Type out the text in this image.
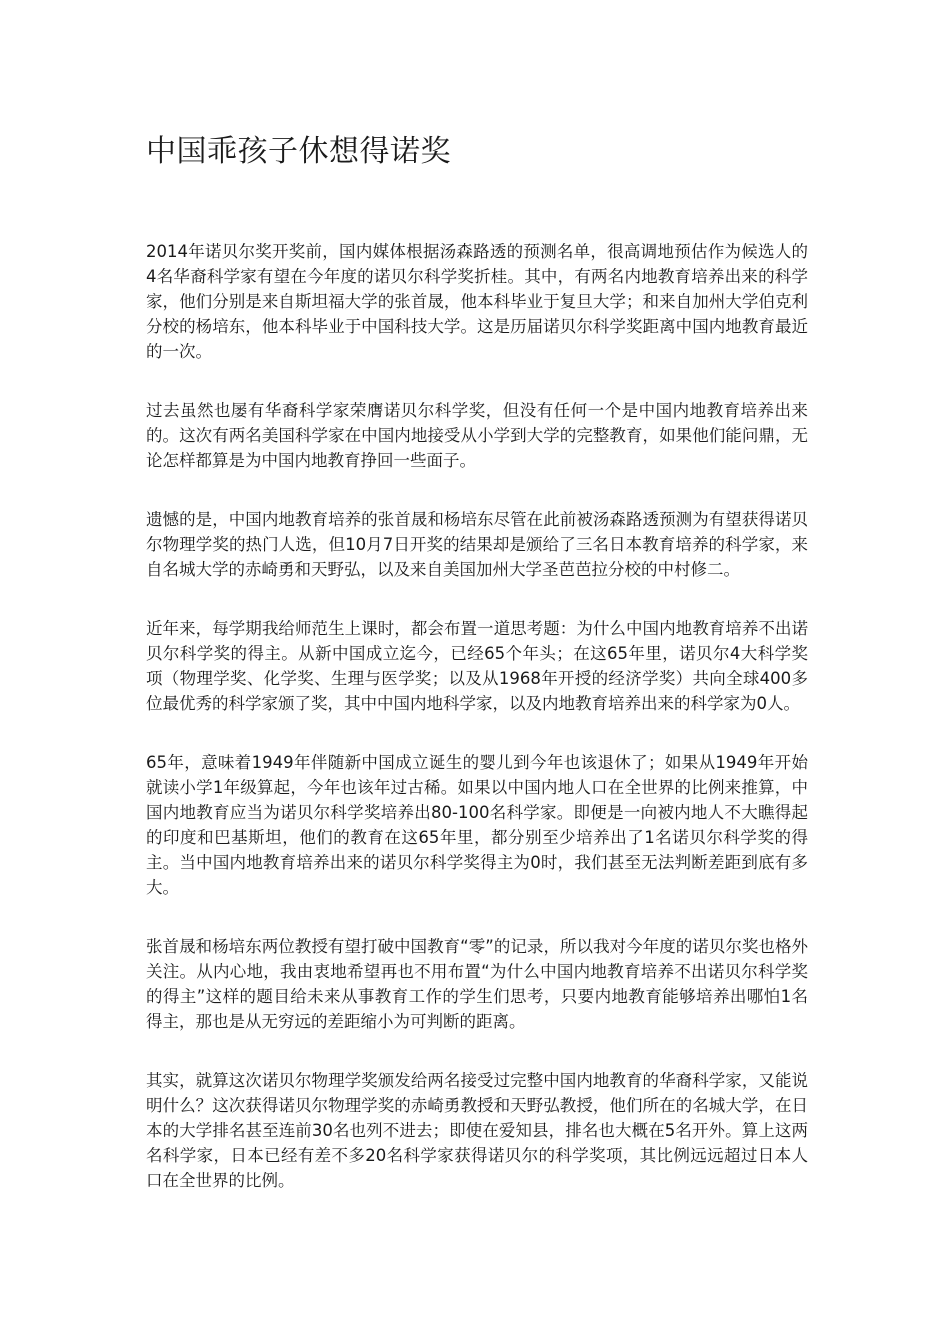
中国乖孩子休想得诺奖

2014年诺贝尔奖开奖前，国内媒体根据汤森路透的预测名单，很高调地预估作为候选人的4名华裔科学家有望在今年度的诺贝尔科学奖折桂。其中，有两名内地教育培养出来的科学家，他们分别是来自斯坦福大学的张首晟，他本科毕业于复旦大学；和来自加州大学伯克利分校的杨培东，他本科毕业于中国科技大学。这是历届诺贝尔科学奖距离中国内地教育最近的一次。

过去虽然也屡有华裔科学家荣膺诺贝尔科学奖，但没有任何一个是中国内地教育培养出来的。这次有两名美国科学家在中国内地接受从小学到大学的完整教育，如果他们能问鼎，无论怎样都算是为中国内地教育挣回一些面子。

遗憾的是，中国内地教育培养的张首晟和杨培东尽管在此前被汤森路透预测为有望获得诺贝尔物理学奖的热门人选，但10月7日开奖的结果却是颁给了三名日本教育培养的科学家，来自名城大学的赤崎勇和天野弘，以及来自美国加州大学圣芭芭拉分校的中村修二。

近年来，每学期我给师范生上课时，都会布置一道思考题：为什么中国内地教育培养不出诺贝尔科学奖的得主。从新中国成立迄今，已经65个年头；在这65年里，诺贝尔4大科学奖项（物理学奖、化学奖、生理与医学奖；以及从1968年开授的经济学奖）共向全球400多位最优秀的科学家颁了奖，其中中国内地科学家，以及内地教育培养出来的科学家为0人。

65年，意味着1949年伴随新中国成立诞生的婴儿到今年也该退休了；如果从1949年开始就读小学1年级算起，今年也该年过古稀。如果以中国内地人口在全世界的比例来推算，中国内地教育应当为诺贝尔科学奖培养出80-100名科学家。即便是一向被内地人不大瞧得起的印度和巴基斯坦，他们的教育在这65年里，都分别至少培养出了1名诺贝尔科学奖的得主。当中国内地教育培养出来的诺贝尔科学奖得主为0时，我们甚至无法判断差距到底有多大。

张首晟和杨培东两位教授有望打破中国教育“零”的记录，所以我对今年度的诺贝尔奖也格外关注。从内心地，我由衷地希望再也不用布置“为什么中国内地教育培养不出诺贝尔科学奖的得主”这样的题目给未来从事教育工作的学生们思考，只要内地教育能够培养出哪怕1名得主，那也是从无穷远的差距缩小为可判断的距离。

其实，就算这次诺贝尔物理学奖颁发给两名接受过完整中国内地教育的华裔科学家，又能说明什么？这次获得诺贝尔物理学奖的赤崎勇教授和天野弘教授，他们所在的名城大学，在日本的大学排名甚至连前30名也列不进去；即使在爱知县，排名也大概在5名开外。算上这两名科学家，日本已经有差不多20名科学家获得诺贝尔的科学奖项，其比例远远超过日本人口在全世界的比例。
